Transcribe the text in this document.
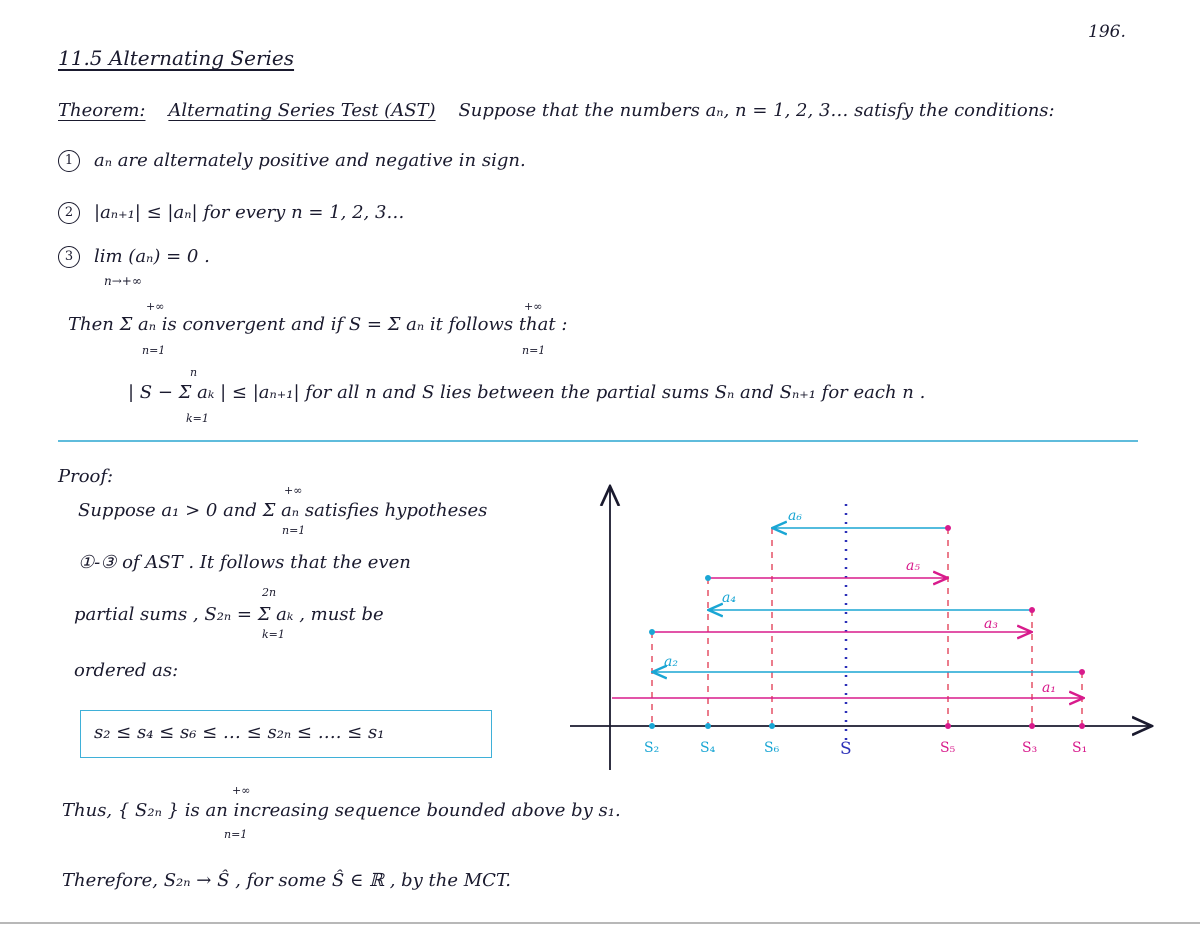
196.
11.5 Alternating Series
Theorem: Alternating Series Test (AST) Suppose that the numbers aₙ, n = 1, 2, 3… satisfy the conditions:
1 aₙ are alternately positive and negative in sign.
2 |aₙ₊₁| ≤ |aₙ| for every n = 1, 2, 3…
3 lim (aₙ) = 0 .
n→+∞
+∞
n=1
+∞
n=1
Then Σ aₙ is convergent and if S = Σ aₙ it follows that :
n
k=1
| S − Σ aₖ | ≤ |aₙ₊₁| for all n and S lies between the partial sums Sₙ and Sₙ₊₁ for each n .
Proof:
+∞
n=1
Suppose a₁ > 0 and Σ aₙ satisfies hypotheses
①-③ of AST . It follows that the even
2n
k=1
partial sums , S₂ₙ = Σ aₖ , must be
ordered as:
s₂ ≤ s₄ ≤ s₆ ≤ … ≤ s₂ₙ ≤ …. ≤ s₁
+∞
n=1
Thus, { S₂ₙ } is an increasing sequence bounded above by s₁.
Therefore, S₂ₙ → Ŝ , for some Ŝ ∈ ℝ , by the MCT.
a₁
a₂
a₃
a₄
a₅
a₆
S₂	S₄	S₆	S	S₅	S₃ S₁
